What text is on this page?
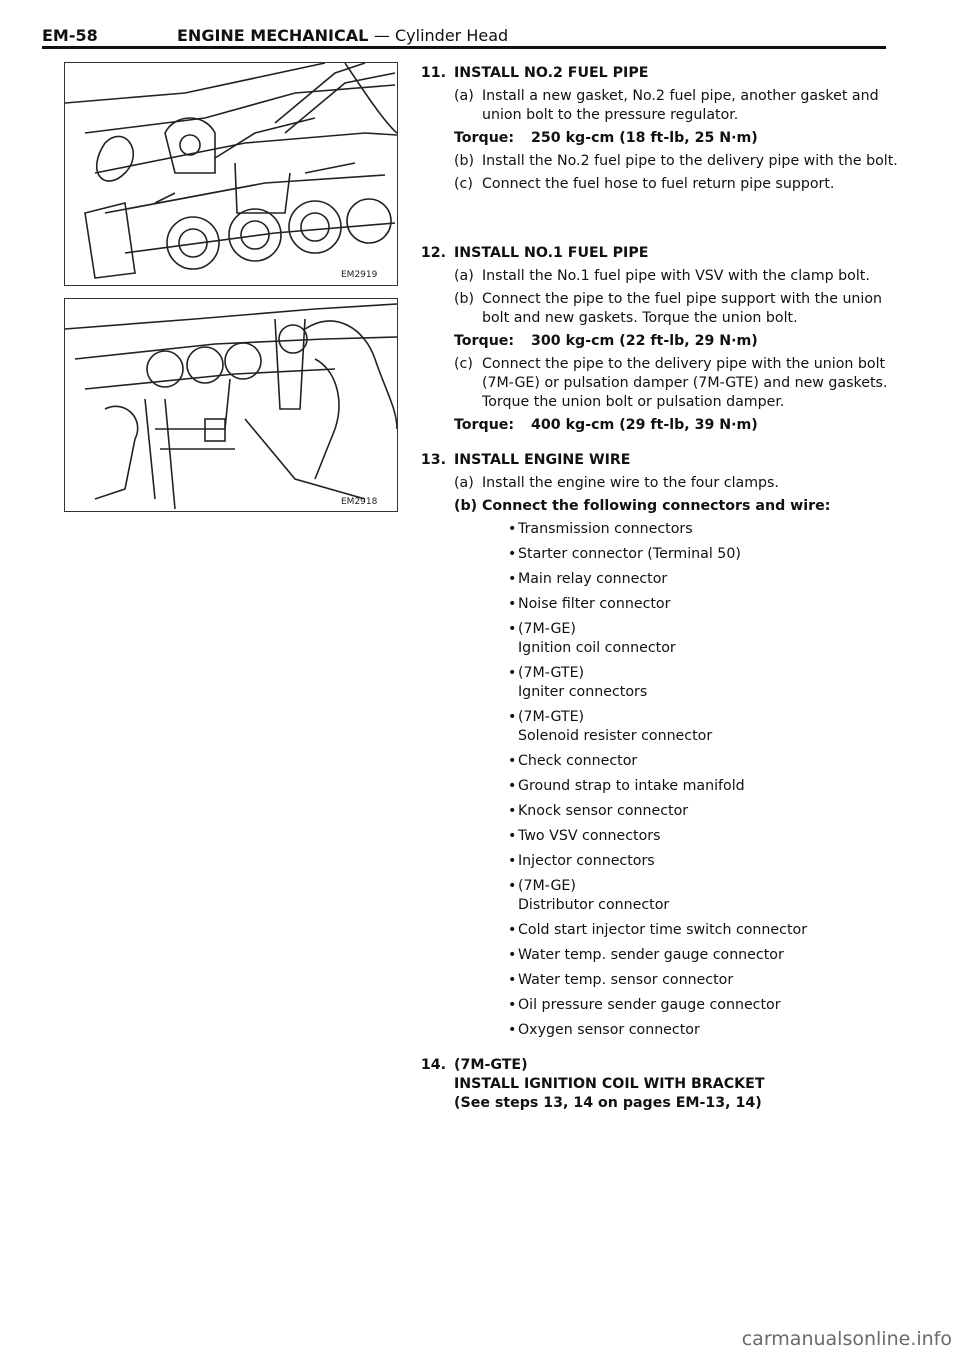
EM-58	ENGINE MECHANICAL — Cylinder Head
EM2919
EM2918
11. INSTALL NO.2 FUEL PIPE
(a) Install a new gasket, No.2 fuel pipe, another gasket and union bolt to the pressure regulator.
Torque: 250 kg-cm (18 ft-lb, 25 N·m)
(b) Install the No.2 fuel pipe to the delivery pipe with the bolt.
(c) Connect the fuel hose to fuel return pipe support.
12. INSTALL NO.1 FUEL PIPE
(a) Install the No.1 fuel pipe with VSV with the clamp bolt.
(b) Connect the pipe to the fuel pipe support with the union bolt and new gaskets. Torque the union bolt.
Torque: 300 kg-cm (22 ft-lb, 29 N·m)
(c) Connect the pipe to the delivery pipe with the union bolt (7M-GE) or pulsation damper (7M-GTE) and new gaskets. Torque the union bolt or pulsation damper.
Torque: 400 kg-cm (29 ft-lb, 39 N·m)
13. INSTALL ENGINE WIRE
(a) Install the engine wire to the four clamps.
(b) Connect the following connectors and wire:
• Transmission connectors
• Starter connector (Terminal 50)
• Main relay connector
• Noise filter connector
• (7M-GE)
Ignition coil connector
• (7M-GTE)
Igniter connectors
• (7M-GTE)
Solenoid resister connector
• Check connector
• Ground strap to intake manifold
• Knock sensor connector
• Two VSV connectors
• Injector connectors
• (7M-GE)
Distributor connector
• Cold start injector time switch connector
• Water temp. sender gauge connector
• Water temp. sensor connector
• Oil pressure sender gauge connector
• Oxygen sensor connector
14. (7M-GTE)
INSTALL IGNITION COIL WITH BRACKET
(See steps 13, 14 on pages EM-13, 14)
carmanualsonline.info
